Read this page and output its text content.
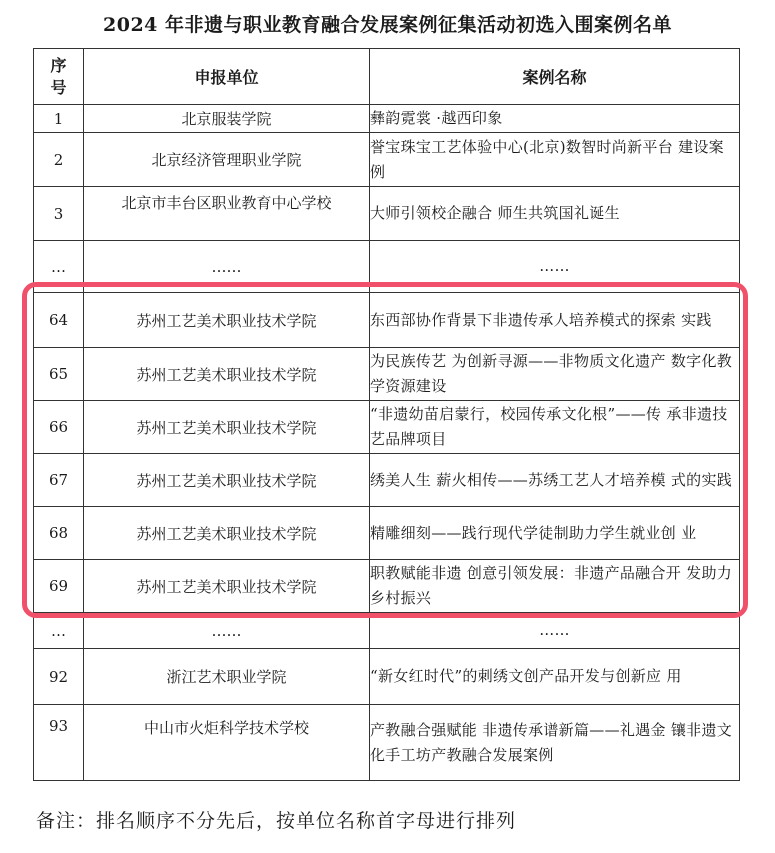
2024 年非遗与职业教育融合发展案例征集活动初选入围案例名单
序
号	申报单位	案例名称
1	北京服装学院	彝韵霓裳 ·越西印象
2	北京经济管理职业学院	誉宝珠宝工艺体验中心(北京)数智时尚新平台 建设案例
3	北京市丰台区职业教育中心学校	大师引领校企融合 师生共筑国礼诞生
…	……	……
64	苏州工艺美术职业技术学院	东西部协作背景下非遗传承人培养模式的探索 实践
65	苏州工艺美术职业技术学院	为民族传艺 为创新寻源——非物质文化遗产 数字化教学资源建设
66	苏州工艺美术职业技术学院	“非遗幼苗启蒙行，校园传承文化根”——传 承非遗技艺品牌项目
67	苏州工艺美术职业技术学院	绣美人生 薪火相传——苏绣工艺人才培养模 式的实践
68	苏州工艺美术职业技术学院	精雕细刻——践行现代学徒制助力学生就业创 业
69	苏州工艺美术职业技术学院	职教赋能非遗 创意引领发展：非遗产品融合开 发助力乡村振兴
…	……	……
92	浙江艺术职业学院	“新女红时代”的刺绣文创产品开发与创新应 用
93	中山市火炬科学技术学校	产教融合强赋能 非遗传承谱新篇——礼遇金 镶非遗文化手工坊产教融合发展案例
备注：排名顺序不分先后，按单位名称首字母进行排列
